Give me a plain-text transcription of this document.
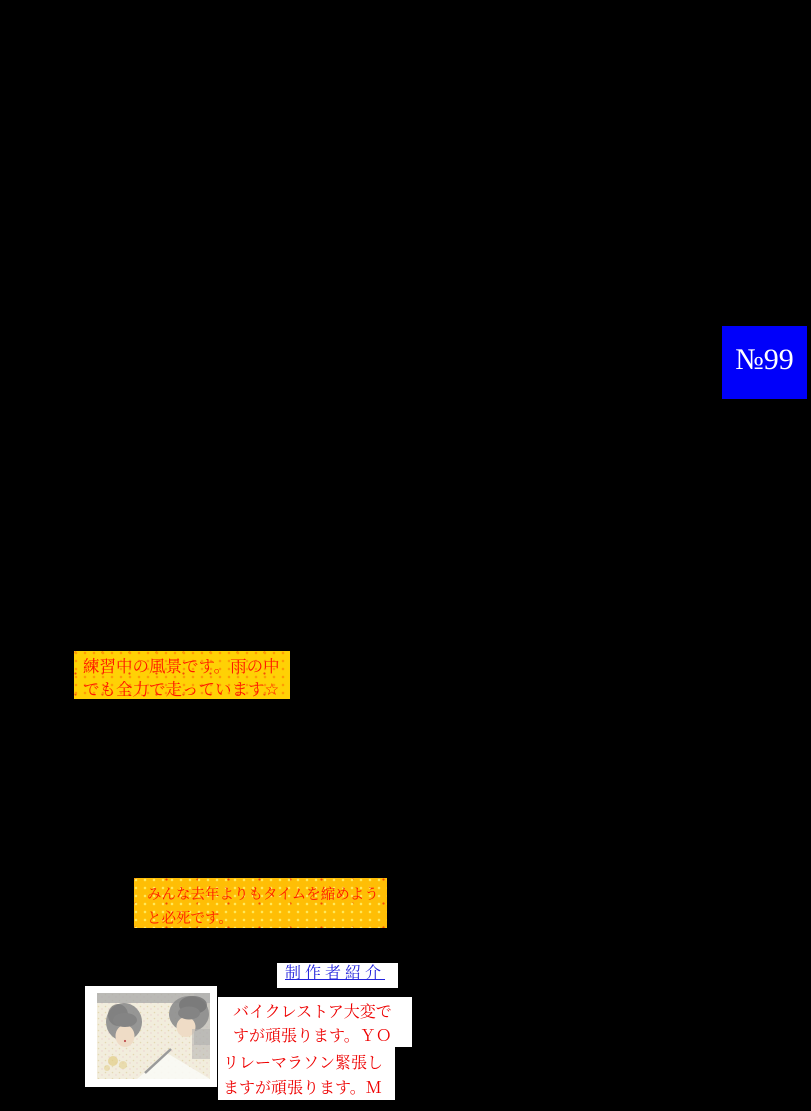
№99
練習中の風景です。雨の中
でも全力で走っています☆
みんな去年よりもタイムを縮めよう
と必死です。
制作者紹介
バイクレストア大変で
すが頑張ります。ＹＯ
リレーマラソン緊張し
ますが頑張ります。Ｍ
